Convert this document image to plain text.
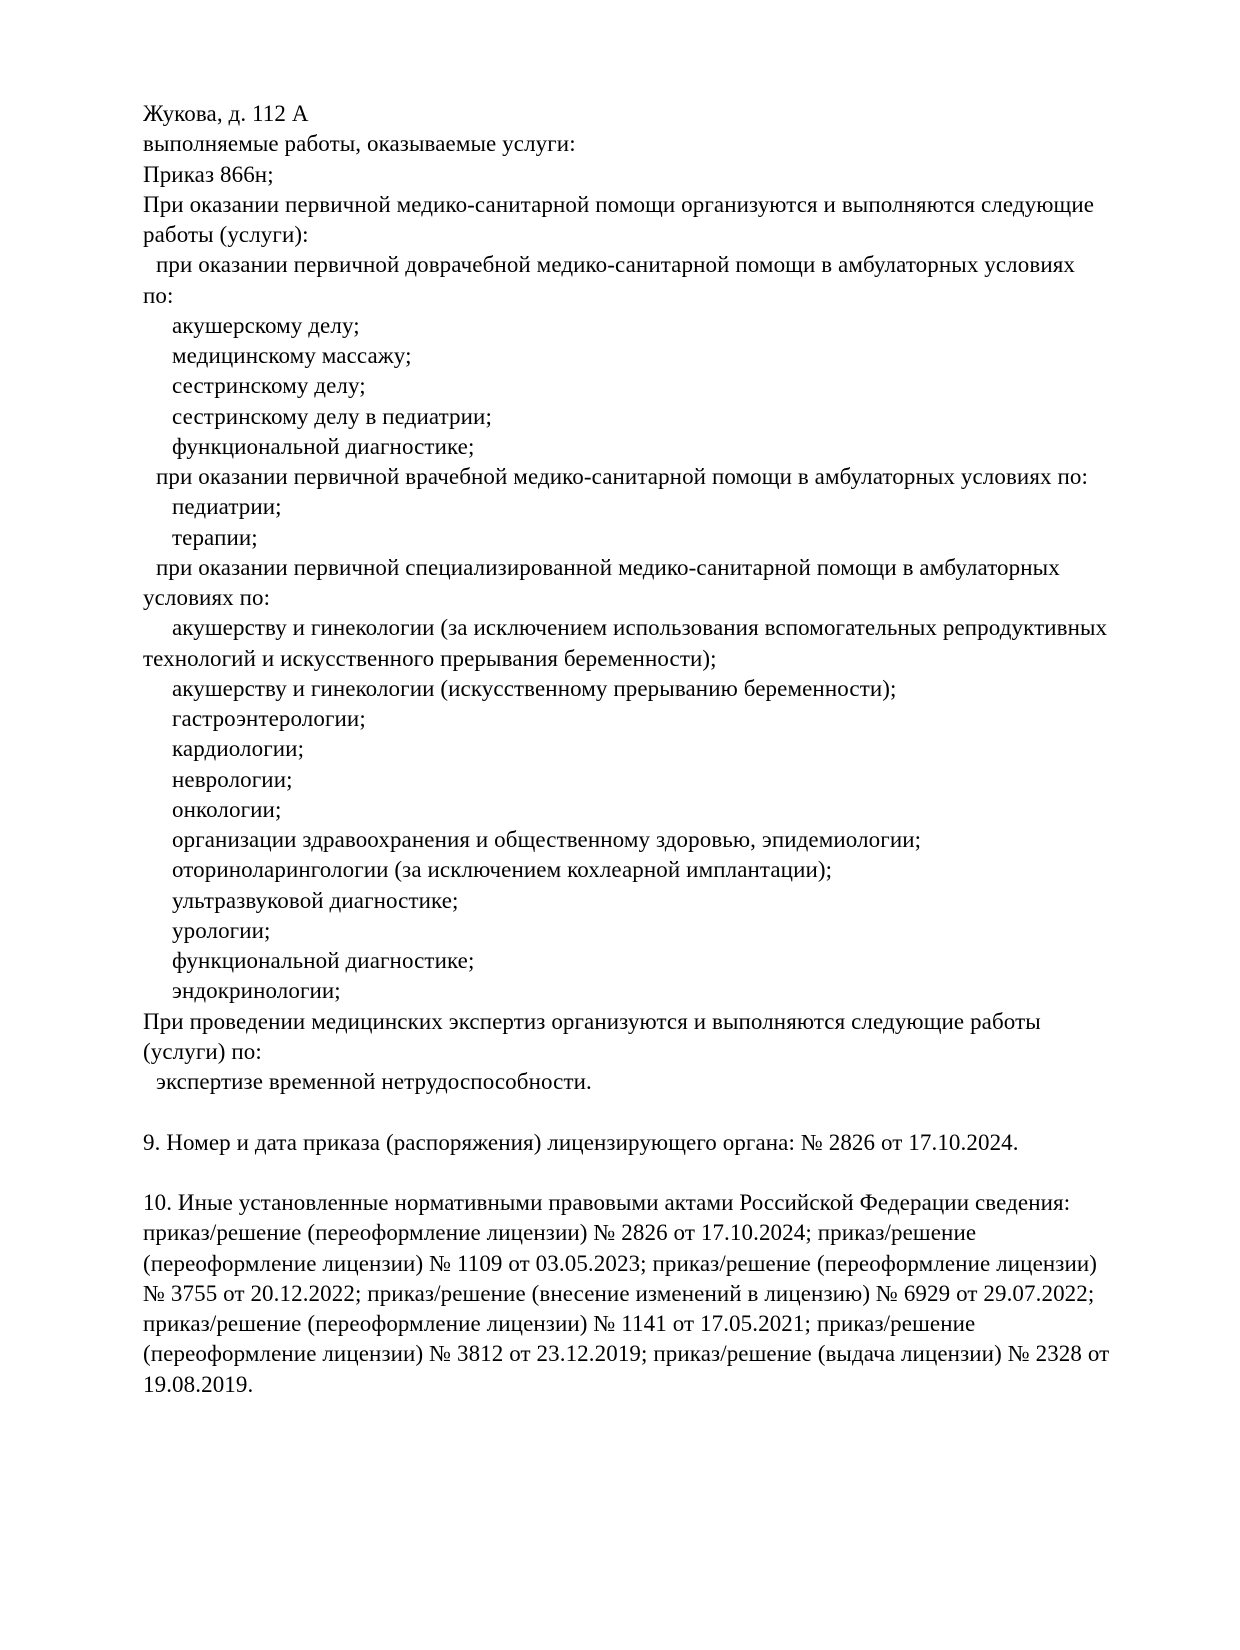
Жукова, д. 112 А
выполняемые работы, оказываемые услуги:
Приказ 866н;
При оказании первичной медико-санитарной помощи организуются и выполняются следующие
работы (услуги):
при оказании первичной доврачебной медико-санитарной помощи в амбулаторных условиях
по:
акушерскому делу;
медицинскому массажу;
сестринскому делу;
сестринскому делу в педиатрии;
функциональной диагностике;
при оказании первичной врачебной медико-санитарной помощи в амбулаторных условиях по:
педиатрии;
терапии;
при оказании первичной специализированной медико-санитарной помощи в амбулаторных
условиях по:
акушерству и гинекологии (за исключением использования вспомогательных репродуктивных
технологий и искусственного прерывания беременности);
акушерству и гинекологии (искусственному прерыванию беременности);
гастроэнтерологии;
кардиологии;
неврологии;
онкологии;
организации здравоохранения и общественному здоровью, эпидемиологии;
оториноларингологии (за исключением кохлеарной имплантации);
ультразвуковой диагностике;
урологии;
функциональной диагностике;
эндокринологии;
При проведении медицинских экспертиз организуются и выполняются следующие работы
(услуги) по:
экспертизе временной нетрудоспособности.
9. Номер и дата приказа (распоряжения) лицензирующего органа: № 2826 от 17.10.2024.
10. Иные установленные нормативными правовыми актами Российской Федерации сведения:
приказ/решение (переоформление лицензии) № 2826 от 17.10.2024; приказ/решение
(переоформление лицензии) № 1109 от 03.05.2023; приказ/решение (переоформление лицензии)
№ 3755 от 20.12.2022; приказ/решение (внесение изменений в лицензию) № 6929 от 29.07.2022;
приказ/решение (переоформление лицензии) № 1141 от 17.05.2021; приказ/решение
(переоформление лицензии) № 3812 от 23.12.2019; приказ/решение (выдача лицензии) № 2328 от
19.08.2019.
